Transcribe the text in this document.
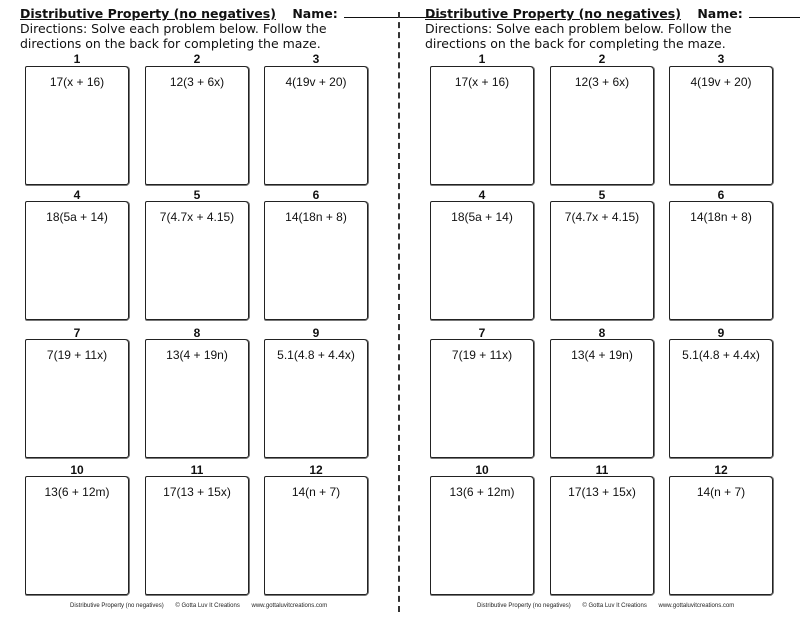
Distributive Property (no negatives) Name:
Directions: Solve each problem below. Follow the directions on the back for completing the maze.
1
17(x + 16)
2
12(3 + 6x)
3
4(19v + 20)
4
18(5a + 14)
5
7(4.7x + 4.15)
6
14(18n + 8)
7
7(19 + 11x)
8
13(4 + 19n)
9
5.1(4.8 + 4.4x)
10
13(6 + 12m)
11
17(13 + 15x)
12
14(n + 7)
Distributive Property (no negatives) © Gotta Luv It Creations www.gottaluvitcreations.com
Distributive Property (no negatives) Name:
Directions: Solve each problem below. Follow the directions on the back for completing the maze.
1
17(x + 16)
2
12(3 + 6x)
3
4(19v + 20)
4
18(5a + 14)
5
7(4.7x + 4.15)
6
14(18n + 8)
7
7(19 + 11x)
8
13(4 + 19n)
9
5.1(4.8 + 4.4x)
10
13(6 + 12m)
11
17(13 + 15x)
12
14(n + 7)
Distributive Property (no negatives) © Gotta Luv It Creations www.gottaluvitcreations.com
